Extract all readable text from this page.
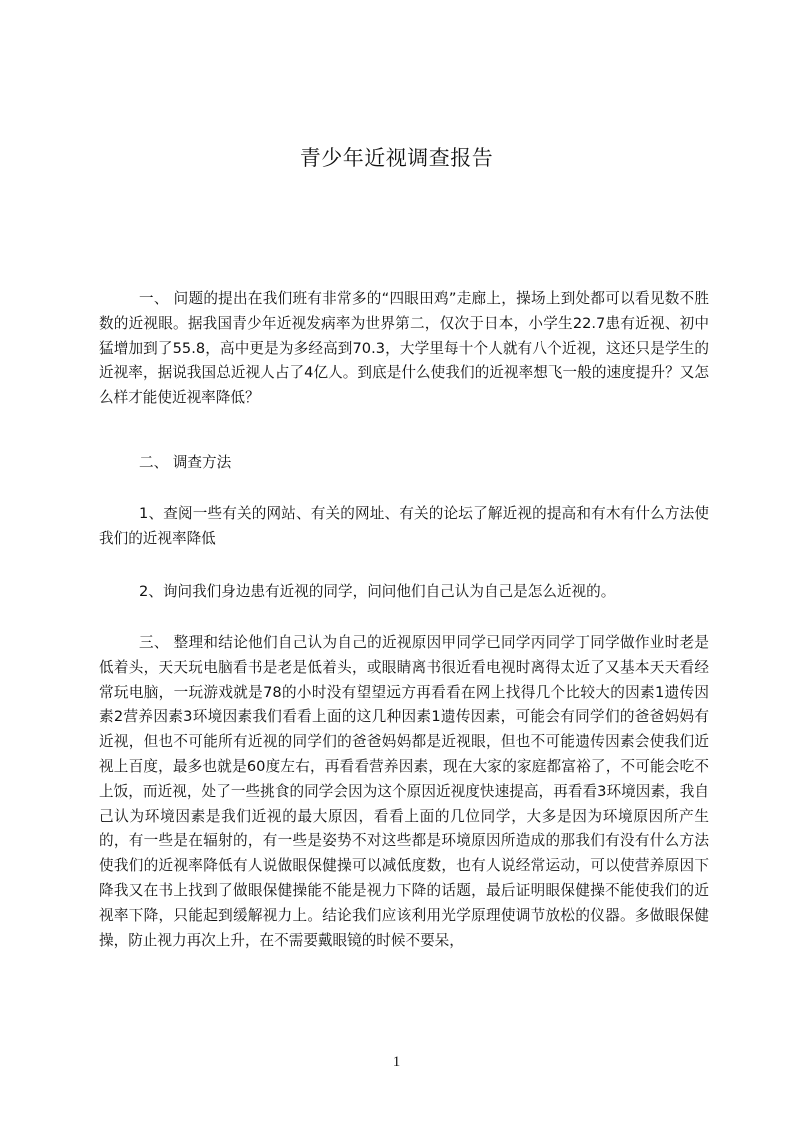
青少年近视调查报告

一、 问题的提出在我们班有非常多的“四眼田鸡”走廊上，操场上到处都可以看见数不胜数的近视眼。据我国青少年近视发病率为世界第二，仅次于日本，小学生22.7患有近视、初中猛增加到了55.8，高中更是为多经高到70.3，大学里每十个人就有八个近视，这还只是学生的近视率，据说我国总近视人占了4亿人。到底是什么使我们的近视率想飞一般的速度提升？又怎么样才能使近视率降低？

二、 调查方法

1、查阅一些有关的网站、有关的网址、有关的论坛了解近视的提高和有木有什么方法使我们的近视率降低

2、询问我们身边患有近视的同学，问问他们自己认为自己是怎么近视的。

三、 整理和结论他们自己认为自己的近视原因甲同学已同学丙同学丁同学做作业时老是低着头，天天玩电脑看书是老是低着头，或眼睛离书很近看电视时离得太近了又基本天天看经常玩电脑，一玩游戏就是78的小时没有望望远方再看看在网上找得几个比较大的因素1遗传因素2营养因素3环境因素我们看看上面的这几种因素1遗传因素，可能会有同学们的爸爸妈妈有近视，但也不可能所有近视的同学们的爸爸妈妈都是近视眼，但也不可能遗传因素会使我们近视上百度，最多也就是60度左右，再看看营养因素，现在大家的家庭都富裕了，不可能会吃不上饭，而近视，处了一些挑食的同学会因为这个原因近视度快速提高，再看看3环境因素，我自己认为环境因素是我们近视的最大原因，看看上面的几位同学，大多是因为环境原因所产生的，有一些是在辐射的，有一些是姿势不对这些都是环境原因所造成的那我们有没有什么方法使我们的近视率降低有人说做眼保健操可以减低度数，也有人说经常运动，可以使营养原因下降我又在书上找到了做眼保健操能不能是视力下降的话题，最后证明眼保健操不能使我们的近视率下降，只能起到缓解视力上。结论我们应该利用光学原理使调节放松的仪器。多做眼保健操，防止视力再次上升，在不需要戴眼镜的时候不要呆，

1
